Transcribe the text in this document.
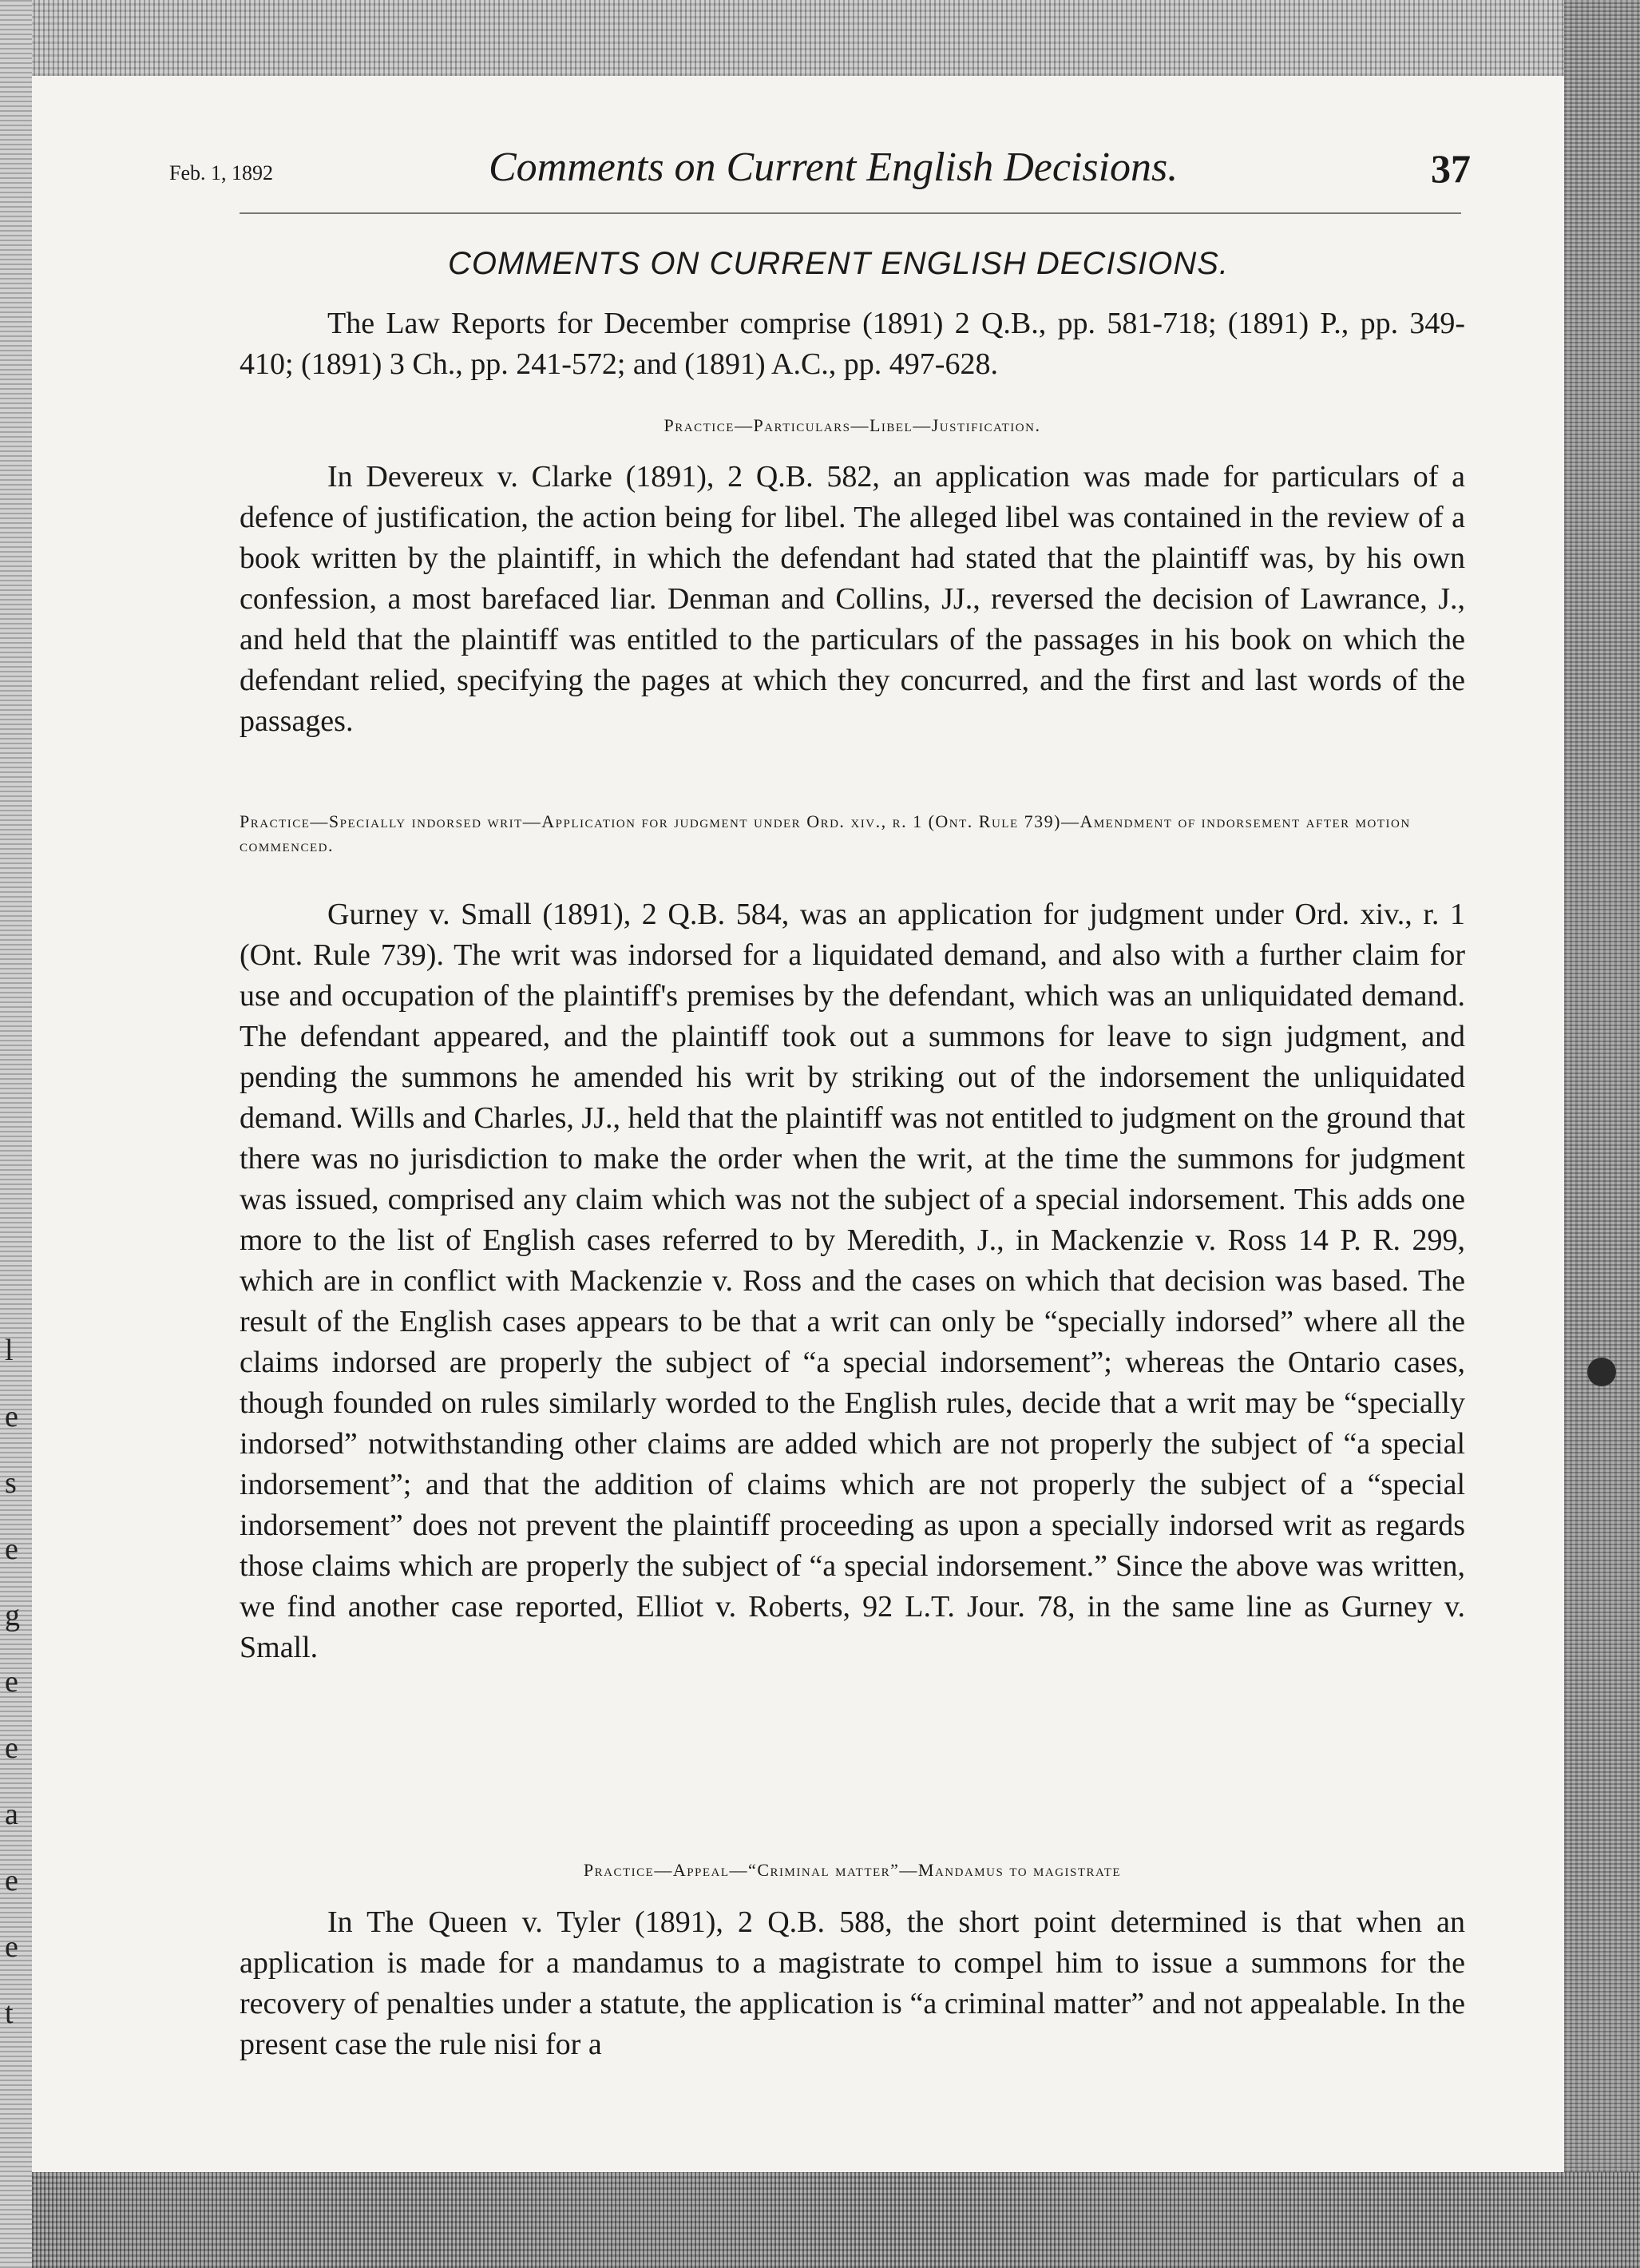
Feb. 1, 1892	Comments on Current English Decisions.	37
COMMENTS ON CURRENT ENGLISH DECISIONS.

The Law Reports for December comprise (1891) 2 Q.B., pp. 581-718; (1891) P., pp. 349-410; (1891) 3 Ch., pp. 241-572; and (1891) A.C., pp. 497-628.

Practice—Particulars—Libel—Justification.

In Devereux v. Clarke (1891), 2 Q.B. 582, an application was made for particulars of a defence of justification, the action being for libel. The alleged libel was contained in the review of a book written by the plaintiff, in which the defendant had stated that the plaintiff was, by his own confession, a most barefaced liar. Denman and Collins, JJ., reversed the decision of Lawrance, J., and held that the plaintiff was entitled to the particulars of the passages in his book on which the defendant relied, specifying the pages at which they concurred, and the first and last words of the passages.

Practice—Specially indorsed writ—Application for judgment under Ord. xiv., r. 1 (Ont. Rule 739)—Amendment of indorsement after motion commenced.

Gurney v. Small (1891), 2 Q.B. 584, was an application for judgment under Ord. xiv., r. 1 (Ont. Rule 739). The writ was indorsed for a liquidated demand, and also with a further claim for use and occupation of the plaintiff's premises by the defendant, which was an unliquidated demand. The defendant appeared, and the plaintiff took out a summons for leave to sign judgment, and pending the summons he amended his writ by striking out of the indorsement the unliquidated demand. Wills and Charles, JJ., held that the plaintiff was not entitled to judgment on the ground that there was no jurisdiction to make the order when the writ, at the time the summons for judgment was issued, comprised any claim which was not the subject of a special indorsement. This adds one more to the list of English cases referred to by Meredith, J., in Mackenzie v. Ross 14 P. R. 299, which are in conflict with Mackenzie v. Ross and the cases on which that decision was based. The result of the English cases appears to be that a writ can only be “specially indorsed” where all the claims indorsed are properly the subject of “a special indorsement”; whereas the Ontario cases, though founded on rules similarly worded to the English rules, decide that a writ may be “specially indorsed” notwithstanding other claims are added which are not properly the subject of “a special indorsement”; and that the addition of claims which are not properly the subject of a “special indorsement” does not prevent the plaintiff proceeding as upon a specially indorsed writ as regards those claims which are properly the subject of “a special indorsement.” Since the above was written, we find another case reported, Elliot v. Roberts, 92 L.T. Jour. 78, in the same line as Gurney v. Small.

Practice—Appeal—“Criminal matter”—Mandamus to magistrate

In The Queen v. Tyler (1891), 2 Q.B. 588, the short point determined is that when an application is made for a mandamus to a magistrate to compel him to issue a summons for the recovery of penalties under a statute, the application is “a criminal matter” and not appealable. In the present case the rule nisi for a

l
e
s
e
g
e
e
a
e
e
t
